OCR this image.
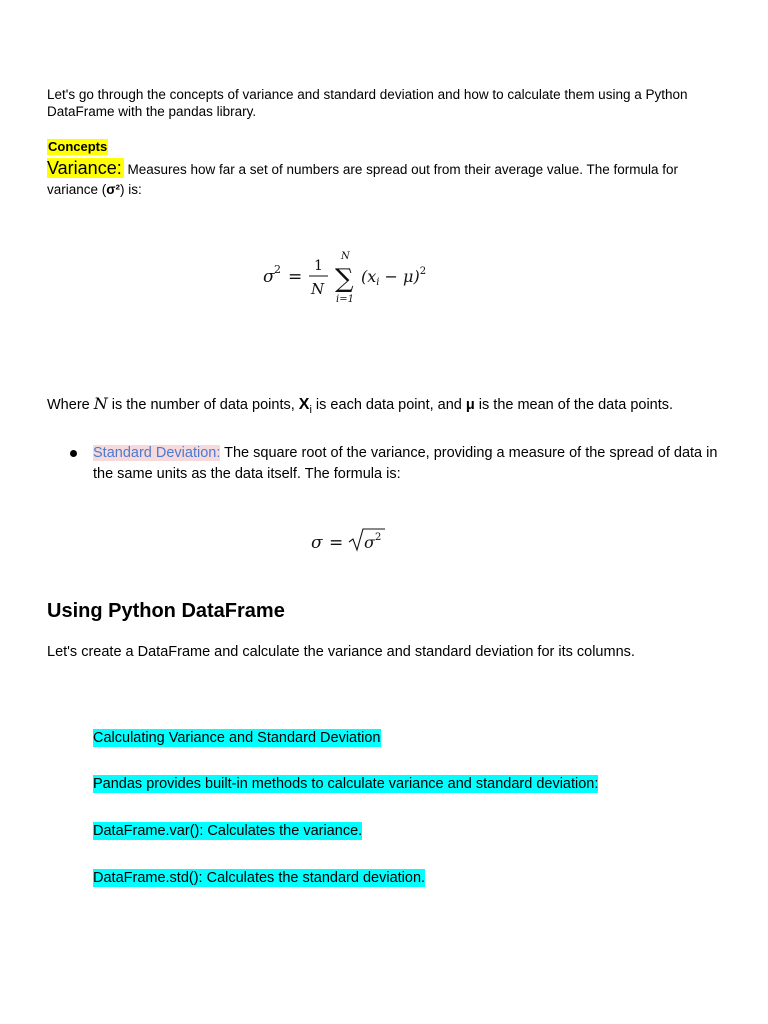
Let's go through the concepts of variance and standard deviation and how to calculate them using a Python DataFrame with the pandas library.
Concepts
Variance: Measures how far a set of numbers are spread out from their average value. The formula for variance (σ²) is:
σ 2 =
1
N
N
∑
i=1
(xi − μ)$^2$
Where N is the number of data points, $X_i$ is each data point, and μ is the mean of the data points.
Standard Deviation: The square root of the variance, providing a measure of the spread of data in the same units as the data itself. The formula is:
σ = σ 2
Using Python DataFrame
Let's create a DataFrame and calculate the variance and standard deviation for its columns.
Calculating Variance and Standard Deviation
Pandas provides built-in methods to calculate variance and standard deviation:
DataFrame.var(): Calculates the variance.
DataFrame.std(): Calculates the standard deviation.
